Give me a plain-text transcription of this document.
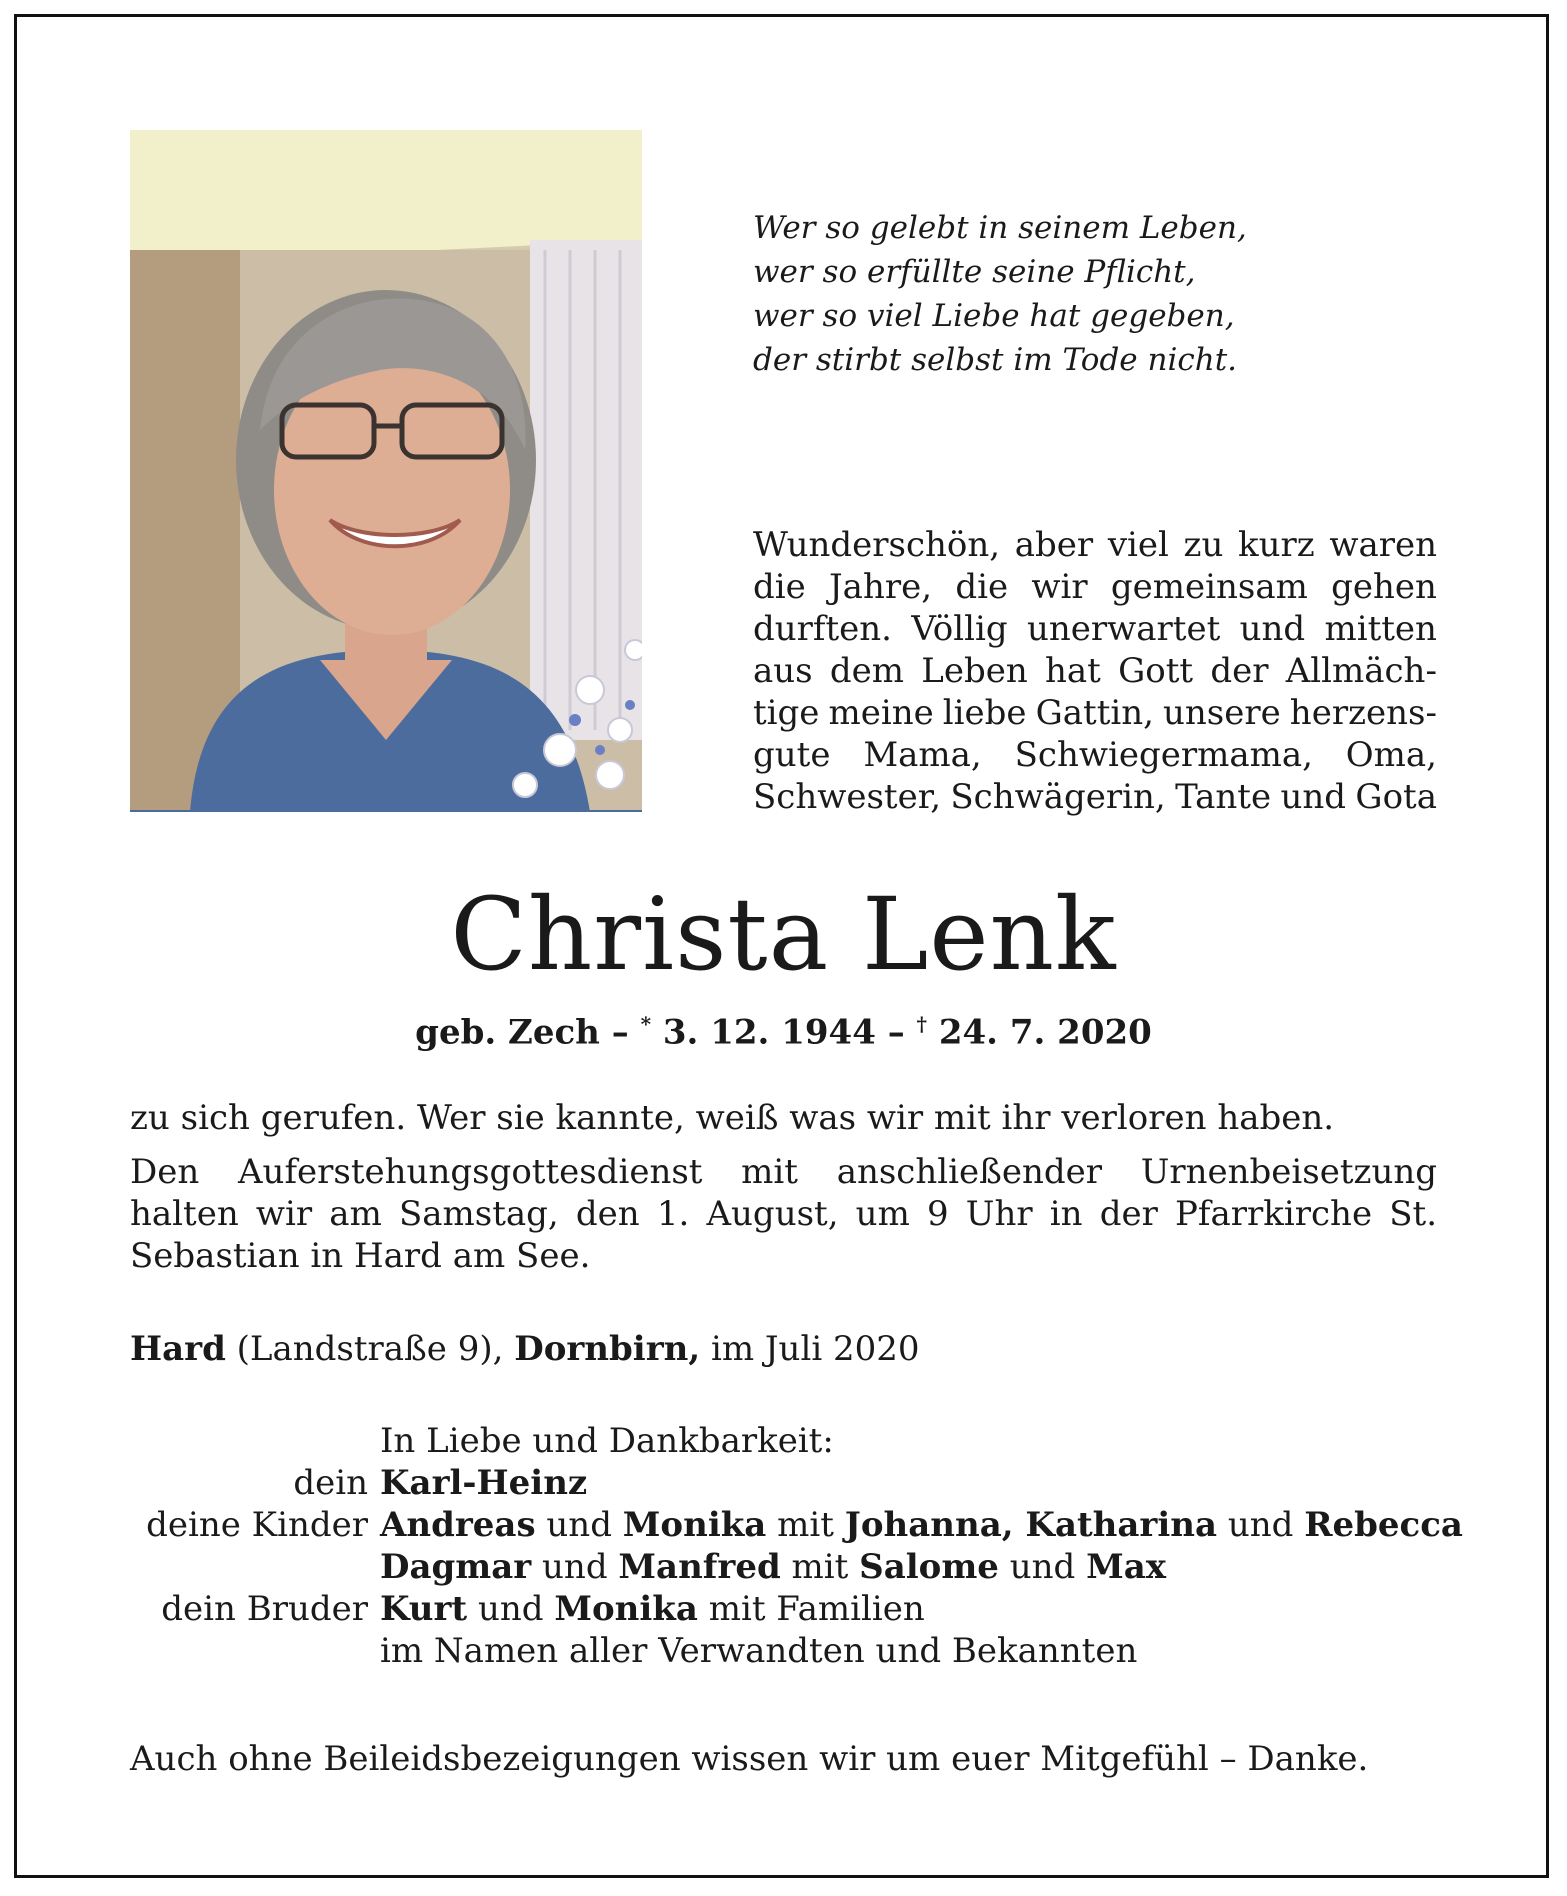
Wer so gelebt in seinem Leben,
wer so erfüllte seine Pflicht,
wer so viel Liebe hat gegeben,
der stirbt selbst im Tode nicht.
Wunderschön, aber viel zu kurz waren
die Jahre, die wir gemeinsam gehen
durften. Völlig unerwartet und mitten
aus dem Leben hat Gott der Allmäch-
tige meine liebe Gattin, unsere herzens-
gute Mama, Schwiegermama, Oma,
Schwester, Schwägerin, Tante und Gota
Christa Lenk
geb. Zech – * 3. 12. 1944 – † 24. 7. 2020
zu sich gerufen. Wer sie kannte, weiß was wir mit ihr verloren haben.
Den Auferstehungsgottesdienst mit anschließender Urnenbeisetzung halten wir am Samstag, den 1. August, um 9 Uhr in der Pfarrkirche St. Sebastian in Hard am See.
Hard (Landstraße 9), Dornbirn, im Juli 2020
In Liebe und Dankbarkeit:
dein Karl-Heinz
deine Kinder Andreas und Monika mit Johanna, Katharina und Rebecca
Dagmar und Manfred mit Salome und Max
dein Bruder Kurt und Monika mit Familien
im Namen aller Verwandten und Bekannten
Auch ohne Beileidsbezeigungen wissen wir um euer Mitgefühl – Danke.
